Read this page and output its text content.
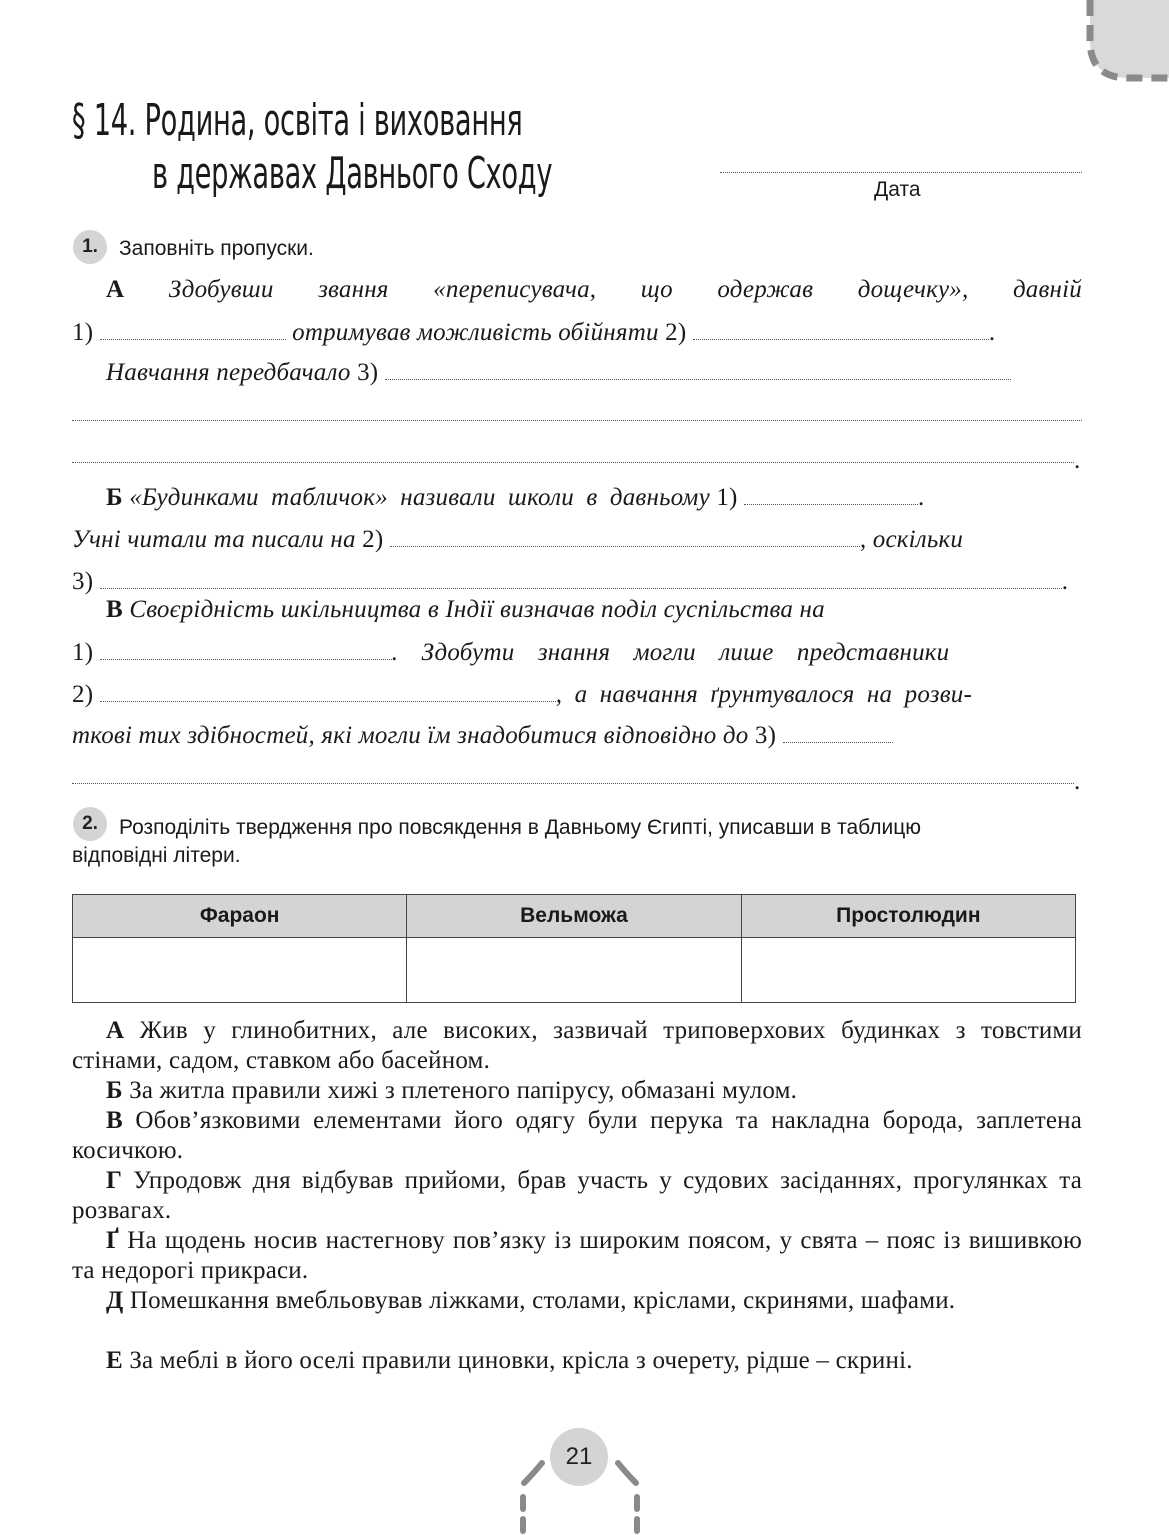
§ 14. Родина, освіта і виховання
в державах Давнього Сходу	Дата
1.	Заповніть пропуски.
А Здобувши звання «переписувача, що одержав дощечку», давній
1)	отримував можливість обійняти 2)	.
Навчання передбачало 3)
.
Б «Будинками табличок» називали школи в давньому 1)	.
Учні читали та писали на 2)	, оскільки
3)	.
В Своєрідність шкільництва в Індії визначав поділ суспільства на
1)	. Здобути знання могли лише представники
2)	, а навчання ґрунтувалося на розви-
ткові тих здібностей, які могли їм знадобитися відповідно до 3)
.
2.	Розподіліть твердження про повсякдення в Давньому Єгипті, уписавши в таблицю
відповідні літери.
Фараон	Вельможа	Простолюдин

А Жив у глинобитних, але високих, зазвичай триповерхових будинках з товстими стінами, садом, ставком або басейном.
Б За житла правили хижі з плетеного папірусу, обмазані мулом.
В Обов’язковими елементами його одягу були перука та накладна борода, заплетена косичкою.
Г Упродовж дня відбував прийоми, брав участь у судових засіданнях, прогулянках та розвагах.
Ґ На щодень носив настегнову пов’язку із широким поясом, у свята – пояс із вишивкою та недорогі прикраси.
Д Помешкання вмебльовував ліжками, столами, кріслами, скринями, шафами.
Е За меблі в його оселі правили циновки, крісла з очерету, рідше – скрині.
21
